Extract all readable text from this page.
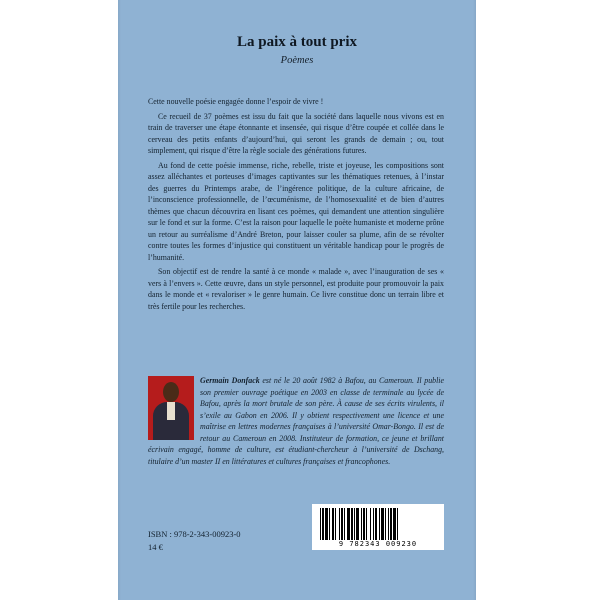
La paix à tout prix
Poèmes

Cette nouvelle poésie engagée donne l’espoir de vivre !

Ce recueil de 37 poèmes est issu du fait que la société dans laquelle nous vivons est en train de traverser une étape étonnante et insensée, qui risque d’être coupée et collée dans le cerveau des petits enfants d’aujourd’hui, qui seront les grands de demain ; ou, tout simplement, qui risque d’être la règle sociale des générations futures.

Au fond de cette poésie immense, riche, rebelle, triste et joyeuse, les compositions sont assez alléchantes et porteuses d’images captivantes sur les thématiques retenues, à l’instar des guerres du Printemps arabe, de l’ingérence politique, de la culture africaine, de l’inconscience professionnelle, de l’œcuménisme, de l’homosexualité et de bien d’autres thèmes que chacun découvrira en lisant ces poèmes, qui demandent une attention singulière sur le fond et sur la forme. C’est la raison pour laquelle le poète humaniste et moderne prône un retour au surréalisme d’André Breton, pour laisser couler sa plume, afin de se révolter contre toutes les formes d’injustice qui constituent un véritable handicap pour le progrès de l’humanité.

Son objectif est de rendre la santé à ce monde « malade », avec l’inauguration de ses « vers à l’envers ». Cette œuvre, dans un style personnel, est produite pour promouvoir la paix dans le monde et « revaloriser » le genre humain. Ce livre constitue donc un terrain libre et très fertile pour les recherches.

Germain Donfack est né le 20 août 1982 à Bafou, au Cameroun. Il publie son premier ouvrage poétique en 2003 en classe de terminale au lycée de Bafou, après la mort brutale de son père. À cause de ses écrits virulents, il s’exile au Gabon en 2006. Il y obtient respectivement une licence et une maîtrise en lettres modernes françaises à l’université Omar-Bongo. Il est de retour au Cameroun en 2008. Instituteur de formation, ce jeune et brillant écrivain engagé, homme de culture, est étudiant-chercheur à l’université de Dschang, titulaire d’un master II en littératures et cultures françaises et francophones.

ISBN : 978-2-343-00923-0
14 €	9 782343 009230
